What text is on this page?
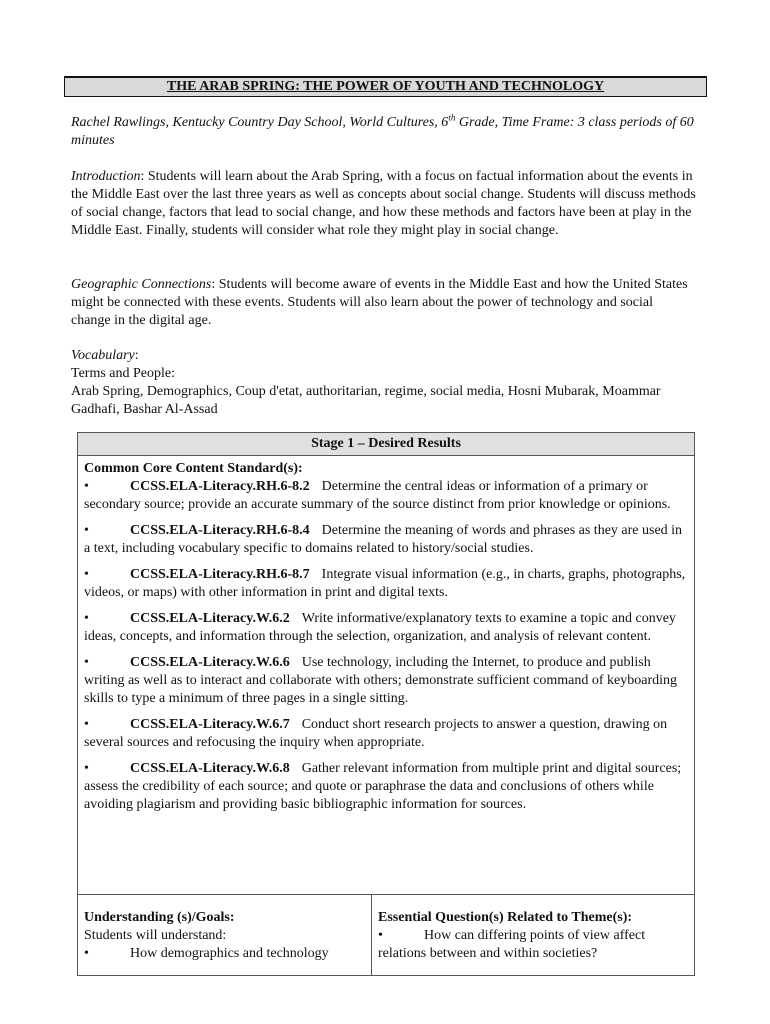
THE ARAB SPRING: THE POWER OF YOUTH AND TECHNOLOGY
Rachel Rawlings, Kentucky Country Day School, World Cultures, 6th Grade, Time Frame: 3 class periods of 60 minutes
Introduction: Students will learn about the Arab Spring, with a focus on factual information about the events in the Middle East over the last three years as well as concepts about social change. Students will discuss methods of social change, factors that lead to social change, and how these methods and factors have been at play in the Middle East. Finally, students will consider what role they might play in social change.
Geographic Connections: Students will become aware of events in the Middle East and how the United States might be connected with these events. Students will also learn about the power of technology and social change in the digital age.
Vocabulary:
Terms and People:
Arab Spring, Demographics, Coup d'etat, authoritarian, regime, social media, Hosni Mubarak, Moammar Gadhafi, Bashar Al-Assad
Stage 1 – Desired Results
Common Core Content Standard(s):
•	CCSS.ELA-Literacy.RH.6-8.2 Determine the central ideas or information of a primary or secondary source; provide an accurate summary of the source distinct from prior knowledge or opinions.
•	CCSS.ELA-Literacy.RH.6-8.4 Determine the meaning of words and phrases as they are used in a text, including vocabulary specific to domains related to history/social studies.
•	CCSS.ELA-Literacy.RH.6-8.7 Integrate visual information (e.g., in charts, graphs, photographs, videos, or maps) with other information in print and digital texts.
•	CCSS.ELA-Literacy.W.6.2 Write informative/explanatory texts to examine a topic and convey ideas, concepts, and information through the selection, organization, and analysis of relevant content.
•	CCSS.ELA-Literacy.W.6.6 Use technology, including the Internet, to produce and publish writing as well as to interact and collaborate with others; demonstrate sufficient command of keyboarding skills to type a minimum of three pages in a single sitting.
•	CCSS.ELA-Literacy.W.6.7 Conduct short research projects to answer a question, drawing on several sources and refocusing the inquiry when appropriate.
•	CCSS.ELA-Literacy.W.6.8 Gather relevant information from multiple print and digital sources; assess the credibility of each source; and quote or paraphrase the data and conclusions of others while avoiding plagiarism and providing basic bibliographic information for sources.
Understanding (s)/Goals:
Students will understand:
•	How demographics and technology
Essential Question(s) Related to Theme(s):
•	How can differing points of view affect relations between and within societies?
